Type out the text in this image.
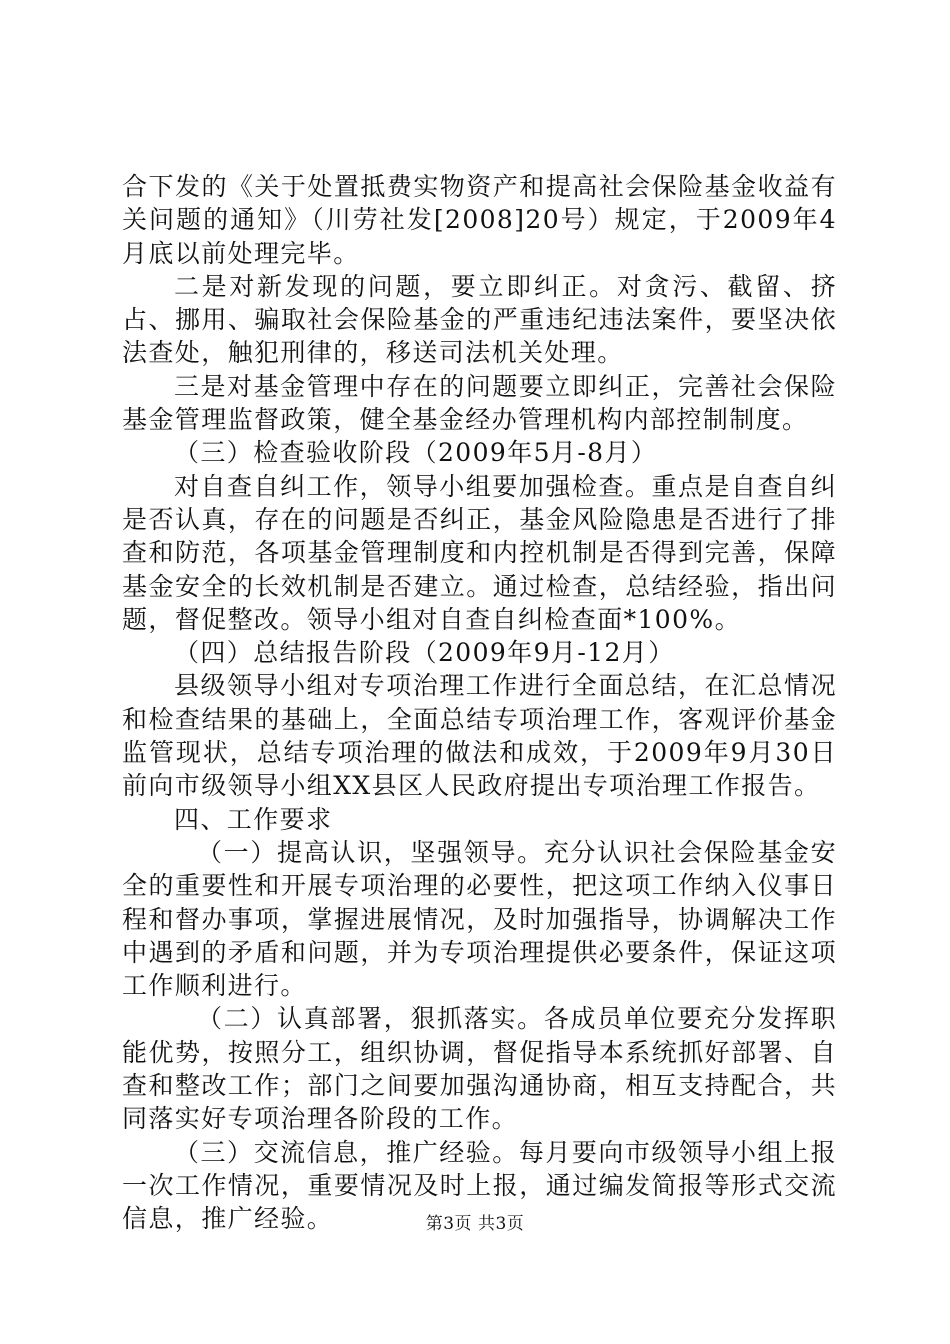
合下发的《关于处置抵费实物资产和提高社会保险基金收益有关问题的通知》（川劳社发[2008]20号）规定，于2009年4月底以前处理完毕。

二是对新发现的问题，要立即纠正。对贪污、截留、挤占、挪用、骗取社会保险基金的严重违纪违法案件，要坚决依法查处，触犯刑律的，移送司法机关处理。

三是对基金管理中存在的问题要立即纠正，完善社会保险基金管理监督政策，健全基金经办管理机构内部控制制度。

（三）检查验收阶段（2009年5月-8月）

对自查自纠工作，领导小组要加强检查。重点是自查自纠是否认真，存在的问题是否纠正，基金风险隐患是否进行了排查和防范，各项基金管理制度和内控机制是否得到完善，保障基金安全的长效机制是否建立。通过检查，总结经验，指出问题，督促整改。领导小组对自查自纠检查面*100%。

（四）总结报告阶段（2009年9月-12月）

县级领导小组对专项治理工作进行全面总结，在汇总情况和检查结果的基础上，全面总结专项治理工作，客观评价基金监管现状，总结专项治理的做法和成效，于2009年9月30日前向市级领导小组XX县区人民政府提出专项治理工作报告。

四、工作要求

（一）提高认识，坚强领导。充分认识社会保险基金安全的重要性和开展专项治理的必要性，把这项工作纳入仪事日程和督办事项，掌握进展情况，及时加强指导，协调解决工作中遇到的矛盾和问题，并为专项治理提供必要条件，保证这项工作顺利进行。

（二）认真部署，狠抓落实。各成员单位要充分发挥职能优势，按照分工，组织协调，督促指导本系统抓好部署、自查和整改工作；部门之间要加强沟通协商，相互支持配合，共同落实好专项治理各阶段的工作。

（三）交流信息，推广经验。每月要向市级领导小组上报一次工作情况，重要情况及时上报，通过编发简报等形式交流信息，推广经验。	第3页 共3页
